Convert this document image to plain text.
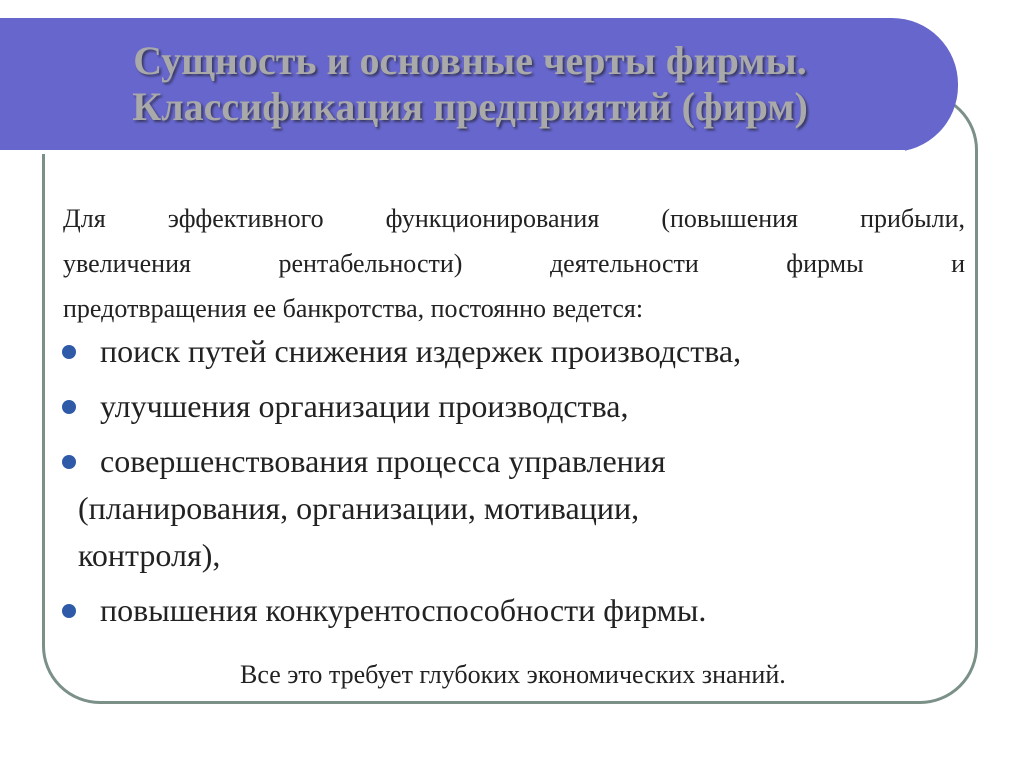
Сущность и основные черты фирмы.
Классификация предприятий (фирм)

Для эффективного функционирования (повышения прибыли,
увеличения рентабельности) деятельности фирмы и
предотвращения ее банкротства, постоянно ведется:

поиск путей снижения издержек производства,
улучшения организации производства,
совершенствования процесса управления
(планирования, организации, мотивации,
контроля),
повышения конкурентоспособности фирмы.

Все это требует глубоких экономических знаний.
